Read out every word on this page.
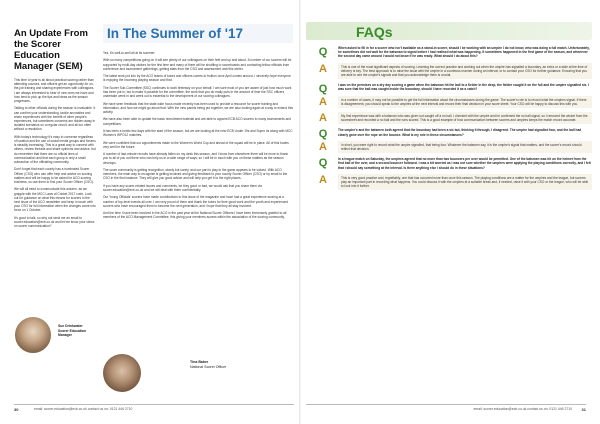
An Update From the Scorer Education Manager (SEM)

This time of year is all about practical scoring rather than attending courses, and officers get an opportunity for on-the-job training and sharing experiences with colleagues. I am always interested to hear of new ones we have and how best to pick up the tips and ideas as the season progresses.

Talking to other officials during the season is invaluable. It can confirm your understanding, tackle anomalies and share experiences with the benefit of other people's experiences, but sometimes concerns are hidden away in isolated scenarios on a regular circuit, and all too often without a resolution.

With today's technology it's easy to converse regardless of location and the use of social media groups and forums is steadily increasing. This is a great way to connect with others, review threads and share opinions and advice, but do remember that there are no official lines of communication and that each group is only a small subsection of the officiating community.

Don't forget that each county has a nominated Scorer Officer (CSO) who can offer help and advice on scoring matters and will be happy to be asked for ACO scoring business, so use them to find your Scorer Officer (CSO).

We will all need to communicate this autumn, as we grapple with the MCC Laws of Cricket 2017 code. Look out for guidance on what this means for scorers in the next issue of the ACO newsletter and keep in touch with your CSO for full information when the changes come into force on 1 October.

It's good to talk, so why not send me an email to scorer.education@ecb.co.uk and let me know your views on scorer communication?

Sue Drinkwater
Scorer Education
Manager
In The Summer of '17

Yes, it's well-to-well all at its summer.

With so many competitions going on it will see plenty of our colleagues on their feet and up and about. A number of our scorers will be supported by multi-day visitors for the first time and many of them will be shuttling to scoreboards and contacting fellow officials from conference and tournament gatherings, getting stats from the CSO and assessment visit this winter.

The latest work put into by the ACO teams of tutors and officers comes to fruition once April comes around. I sincerely hope everyone is enjoying the incoming playing season and that.

The Scorer Sub-Committee (SSC) continues to work tirelessly on your behalf. I am sure most of you are aware of just how much work has been put in, but to make it possible for the committee, the work that you do really puts in the amount of time the SSC officers undertake week in and week out is essential to the development of our scoring colleagues.

We have seen feedback that the state-wide focus made recently has been used to provide a resource for scorer training and information, and how we might go about that. With the new panels being put together, we are also looking again at a way to extend this activity.

We have also been able to update the basic recruitment material and are able to appoint ECB ACO scorers to many tournaments and competitions.

It has been a hectic few days with the start of the season, but we are looking at the new ECB Under 19s and Super 4s along with MCC Women's WPO12 matches.

We were confident that our appointments made to the Women's World Cup and ahead of the squad will be in place. All of this bodes very well for the future.

A number of last-minute recruits have already fallen on my desk this season, and I know from elsewhere there will be more to thank you to all of you out there who can help us in a wide range of ways, so I will be in touch with you on these matters as the season develops.

The score community is getting recognition, slowly but surely, and our part to play in the game appears to be valued. With ACO members, the main way to recognise is getting involved and giving feedback to your county Scorer Officer (CSO) or by email to the CSO in the first instance. They will give you good advice and will help you get it to the right places.

If you have any scorer-related issues and comments, be they good or bad, we would ask that you share them via scorer.education@ecb.co.uk and we will deal with them confidentially.

Our Young Officials' scorers have made contributions to this issue of the magazine and have had a great experience scoring at a number of top-level events all over. I am very proud of them and thank the tutors for their good work and the youth and experienced scorers who have encouraged them to become the next generation, and I hope that they all stay involved.

And the time I have been involved in the ACO in the past year at the National Scorer Officers I have been immensely grateful to all members of the ACO Management Committee, this giving your members access within the association of the scoring community.

Tina Baker
National Scorer Officer
30	email: scorer.education@ecb.co.uk contact us on: 0121 446 2710
FAQs
Q	When asked to fill in for a scorer who isn't available as a stand-in scorer, should I be working with an umpire I do not know, who was doing a full match. Unfortunately, he sometimes did not wait for the batsman to signal before I had realised what was happening. It sometimes happened in the first game of the season, and whenever the second day came around I would not know if he was ready. What should I do about this?
A	This is one of the most significant aspects of scoring. Learning the correct practice and working out when the umpire has signalled a boundary, an extra or a wide at the time of delivery is key. The best approach is to raise the issue with the umpire in a courteous manner during an interval, or to contact your CSO for further guidance. Ensuring that you are able to see the umpire's signals and that you acknowledge them is crucial.
Q	I was on the premises on a dry day scoring a game when the batsman hit the ball to a fielder in the deep, the fielder caught it on the full and the umpire signalled six. I was sure that the ball was caught inside the boundary, should I have recorded it as a catch?
A	In a number of cases, it may not be possible to get the full information about the circumstances during the game. The scorer's role is to record what the umpires signal. If there is disagreement, you should speak to the umpires at the next interval and record their final decision in your score sheet. Your CSO will be happy to discuss this with you.
A	My first experience was with a batsman who was given out caught off a no ball. I checked with the umpire and he confirmed the no ball signal, so I removed the wicket from the scoresheet and recorded a no ball and the runs scored. This is a good example of how communication between scorers and umpires keeps the match record accurate.
Q	The umpire's and the batsmen both agreed that the boundary had been a six but, thinking it through, I disagreed. The umpire had signalled four, and the ball had clearly gone over the rope on the bounce. What is my role in these circumstances?
A	In short, you were right to record what the umpire signalled, that being four. Whatever the batsmen say, it is the umpire's signal that matters, and the scorer's record should reflect that decision.
Q	In a league match on Saturday, the umpires agreed that no more than two bouncers per over would be permitted. One of the batsmen was hit on the helmet from the first ball of the over, and a second bouncer followed. I was a bit worried as I was not sure whether the umpires were applying the playing conditions correctly, and I felt that I should say something at the interval. Is there anything else I should do in these situations?
A	This is very good practice and, regrettably, one that has occurred more than once this season. The playing conditions are a matter for the umpires and the league, but scorers play an important part in recording what happens. You could discuss it with the umpires at a suitable break and, if needed, raise it with your CSO or the league, who will be able to look into it further.
email: scorer.education@ecb.co.uk contact us on: 0121 446 2710 31
